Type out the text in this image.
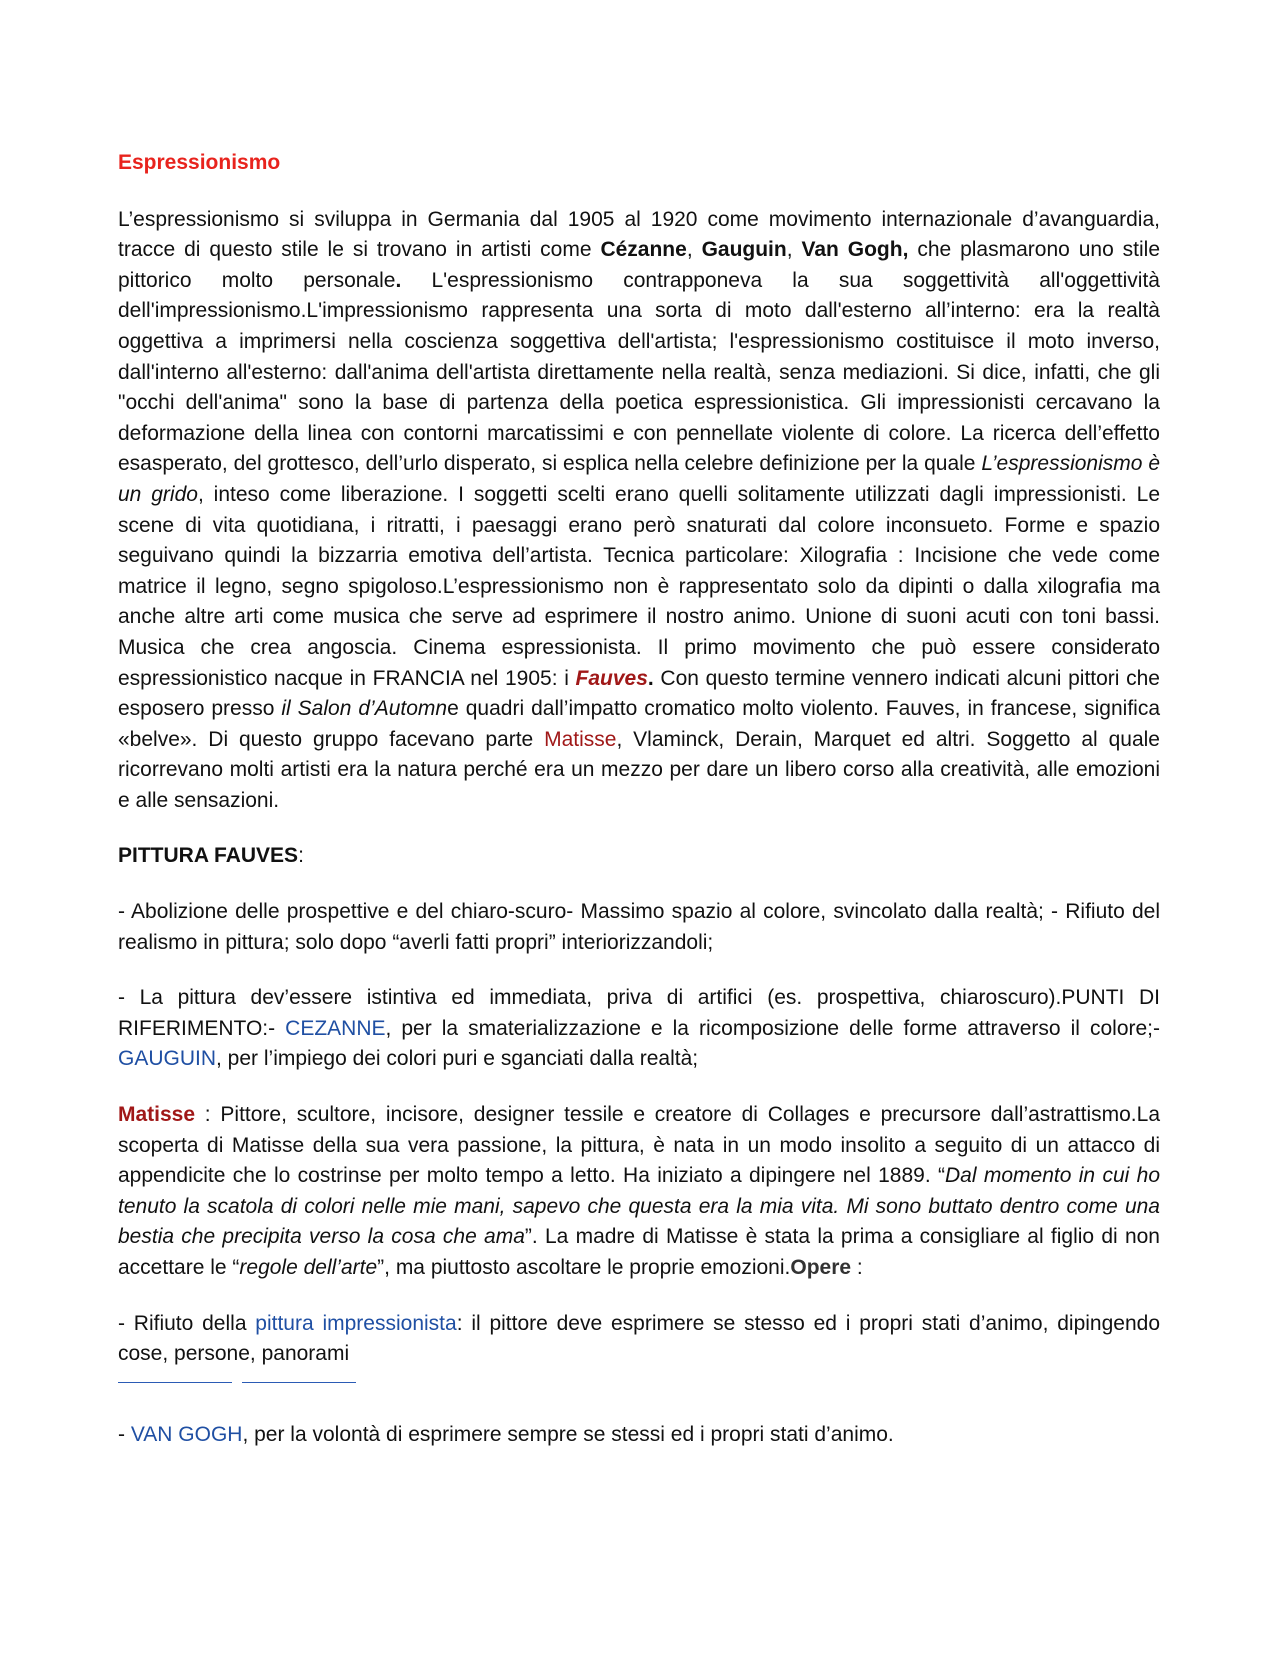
Espressionismo

L’espressionismo si sviluppa in Germania dal 1905 al 1920 come movimento internazionale d’avanguardia, tracce di questo stile le si trovano in artisti come Cézanne, Gauguin, Van Gogh, che plasmarono uno stile pittorico molto personale. L'espressionismo contrapponeva la sua soggettività all'oggettività dell'impressionismo.L'impressionismo rappresenta una sorta di moto dall'esterno all’interno: era la realtà oggettiva a imprimersi nella coscienza soggettiva dell'artista; l'espressionismo costituisce il moto inverso, dall'interno all'esterno: dall'anima dell'artista direttamente nella realtà, senza mediazioni. Si dice, infatti, che gli "occhi dell'anima" sono la base di partenza della poetica espressionistica. Gli impressionisti cercavano la deformazione della linea con contorni marcatissimi e con pennellate violente di colore. La ricerca dell’effetto esasperato, del grottesco, dell’urlo disperato, si esplica nella celebre definizione per la quale L’espressionismo è un grido, inteso come liberazione. I soggetti scelti erano quelli solitamente utilizzati dagli impressionisti. Le scene di vita quotidiana, i ritratti, i paesaggi erano però snaturati dal colore inconsueto. Forme e spazio seguivano quindi la bizzarria emotiva dell’artista. Tecnica particolare: Xilografia : Incisione che vede come matrice il legno, segno spigoloso.L’espressionismo non è rappresentato solo da dipinti o dalla xilografia ma anche altre arti come musica che serve ad esprimere il nostro animo. Unione di suoni acuti con toni bassi. Musica che crea angoscia. Cinema espressionista. Il primo movimento che può essere considerato espressionistico nacque in FRANCIA nel 1905: i Fauves. Con questo termine vennero indicati alcuni pittori che esposero presso il Salon d’Automne quadri dall’impatto cromatico molto violento. Fauves, in francese, significa «belve». Di questo gruppo facevano parte Matisse, Vlaminck, Derain, Marquet ed altri. Soggetto al quale ricorrevano molti artisti era la natura perché era un mezzo per dare un libero corso alla creatività, alle emozioni e alle sensazioni.

PITTURA FAUVES:

- Abolizione delle prospettive e del chiaro-scuro- Massimo spazio al colore, svincolato dalla realtà; - Rifiuto del realismo in pittura; solo dopo “averli fatti propri” interiorizzandoli;

- La pittura dev’essere istintiva ed immediata, priva di artifici (es. prospettiva, chiaroscuro).PUNTI DI RIFERIMENTO:- CEZANNE, per la smaterializzazione e la ricomposizione delle forme attraverso il colore;- GAUGUIN, per l’impiego dei colori puri e sganciati dalla realtà;

Matisse : Pittore, scultore, incisore, designer tessile e creatore di Collages e precursore dall’astrattismo.La scoperta di Matisse della sua vera passione, la pittura, è nata in un modo insolito a seguito di un attacco di appendicite che lo costrinse per molto tempo a letto. Ha iniziato a dipingere nel 1889. “Dal momento in cui ho tenuto la scatola di colori nelle mie mani, sapevo che questa era la mia vita. Mi sono buttato dentro come una bestia che precipita verso la cosa che ama”. La madre di Matisse è stata la prima a consigliare al figlio di non accettare le “regole dell’arte”, ma piuttosto ascoltare le proprie emozioni.Opere :

- Rifiuto della pittura impressionista: il pittore deve esprimere se stesso ed i propri stati d’animo, dipingendo cose, persone, panorami

- VAN GOGH, per la volontà di esprimere sempre se stessi ed i propri stati d’animo.
